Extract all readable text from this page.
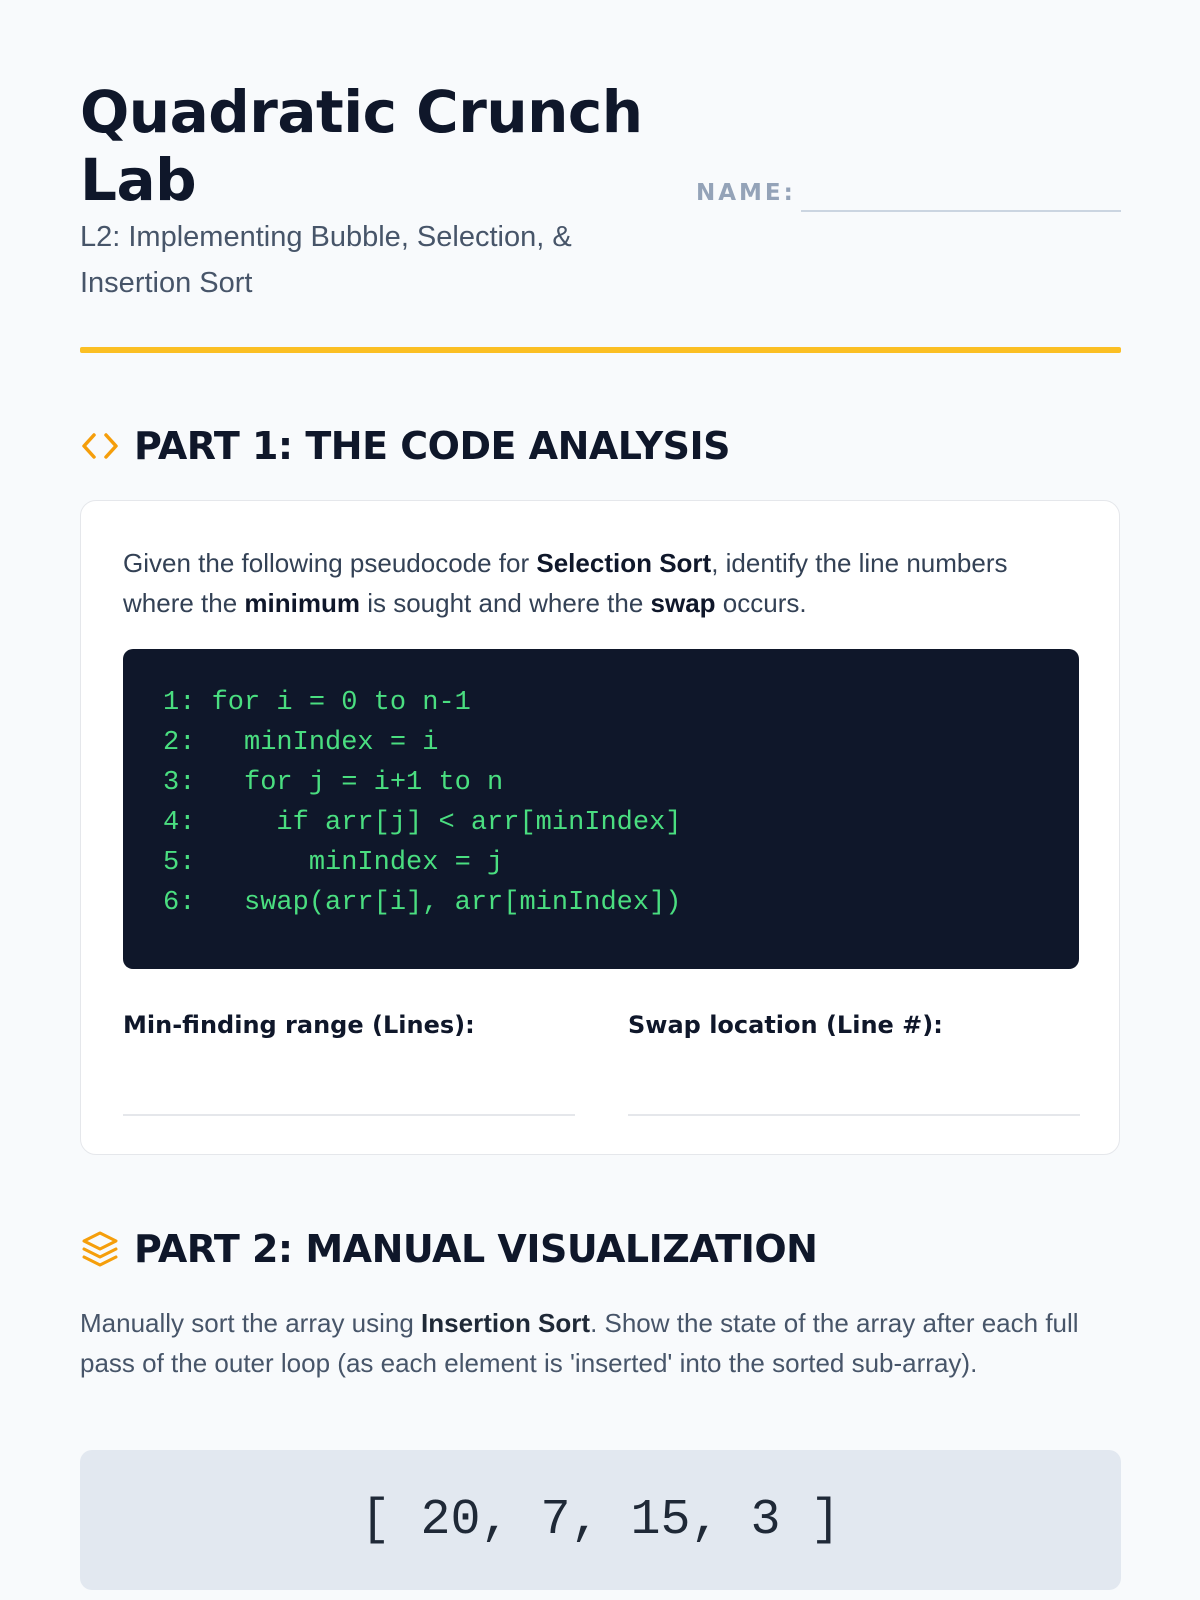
Quadratic Crunch Lab
L2: Implementing Bubble, Selection, & Insertion Sort
NAME:
PART 1: THE CODE ANALYSIS
Given the following pseudocode for Selection Sort, identify the line numbers where the minimum is sought and where the swap occurs.
1: for i = 0 to n-1
2:   minIndex = i
3:   for j = i+1 to n
4:     if arr[j] < arr[minIndex]
5:       minIndex = j
6:   swap(arr[i], arr[minIndex])
Min-finding range (Lines):	Swap location (Line #):
PART 2: MANUAL VISUALIZATION
Manually sort the array using Insertion Sort. Show the state of the array after each full pass of the outer loop (as each element is 'inserted' into the sorted sub-array).
[ 20, 7, 15, 3 ]
